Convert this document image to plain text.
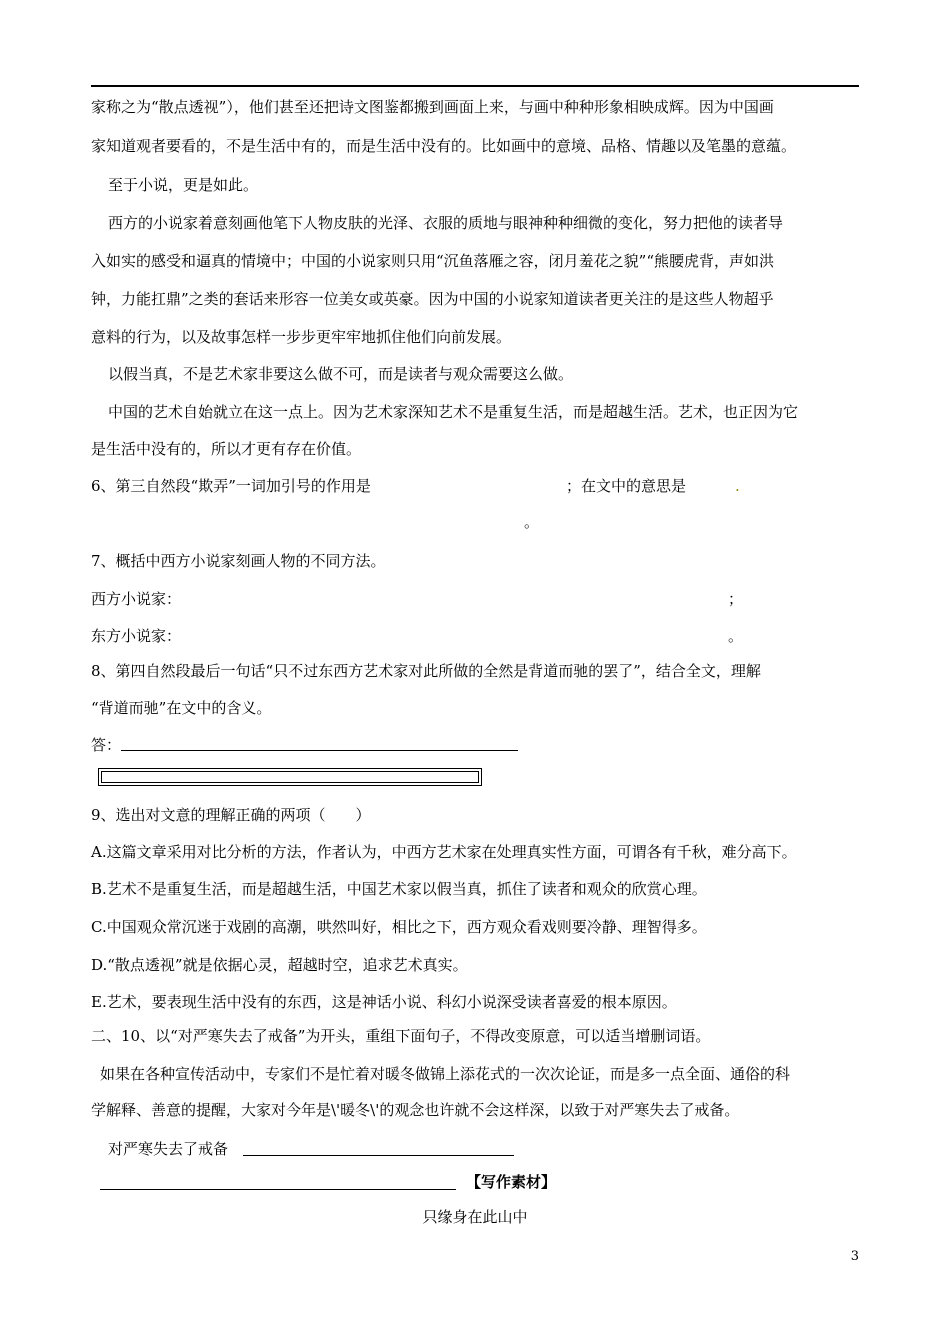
家称之为“散点透视”），他们甚至还把诗文图鉴都搬到画面上来，与画中种种形象相映成辉。因为中国画
家知道观者要看的，不是生活中有的，而是生活中没有的。比如画中的意境、品格、情趣以及笔墨的意蕴。
至于小说，更是如此。
西方的小说家着意刻画他笔下人物皮肤的光泽、衣服的质地与眼神种种细微的变化，努力把他的读者导
入如实的感受和逼真的情境中；中国的小说家则只用“沉鱼落雁之容，闭月羞花之貌”“熊腰虎背，声如洪
钟，力能扛鼎”之类的套话来形容一位美女或英豪。因为中国的小说家知道读者更关注的是这些人物超乎
意料的行为，以及故事怎样一步步更牢牢地抓住他们向前发展。
以假当真，不是艺术家非要这么做不可，而是读者与观众需要这么做。
中国的艺术自始就立在这一点上。因为艺术家深知艺术不是重复生活，而是超越生活。艺术，也正因为它
是生活中没有的，所以才更有存在价值。
6、第三自然段“欺弄”一词加引号的作用是	；在文中的意思是	.
。
7、概括中西方小说家刻画人物的不同方法。
西方小说家：	；
东方小说家：	。
8、第四自然段最后一句话“只不过东西方艺术家对此所做的全然是背道而驰的罢了”，结合全文，理解
“背道而驰”在文中的含义。
答：
9、选出对文意的理解正确的两项（　　）
A.这篇文章采用对比分析的方法，作者认为，中西方艺术家在处理真实性方面，可谓各有千秋，难分高下。
B.艺术不是重复生活，而是超越生活，中国艺术家以假当真，抓住了读者和观众的欣赏心理。
C.中国观众常沉迷于戏剧的高潮，哄然叫好，相比之下，西方观众看戏则要冷静、理智得多。
D.“散点透视”就是依据心灵，超越时空，追求艺术真实。
E.艺术，要表现生活中没有的东西，这是神话小说、科幻小说深受读者喜爱的根本原因。
二、10、以“对严寒失去了戒备”为开头，重组下面句子，不得改变原意，可以适当增删词语。
如果在各种宣传活动中，专家们不是忙着对暖冬做锦上添花式的一次次论证，而是多一点全面、通俗的科
学解释、善意的提醒，大家对今年是\'暖冬\'的观念也许就不会这样深，以致于对严寒失去了戒备。
对严寒失去了戒备
【写作素材】
只缘身在此山中
3
